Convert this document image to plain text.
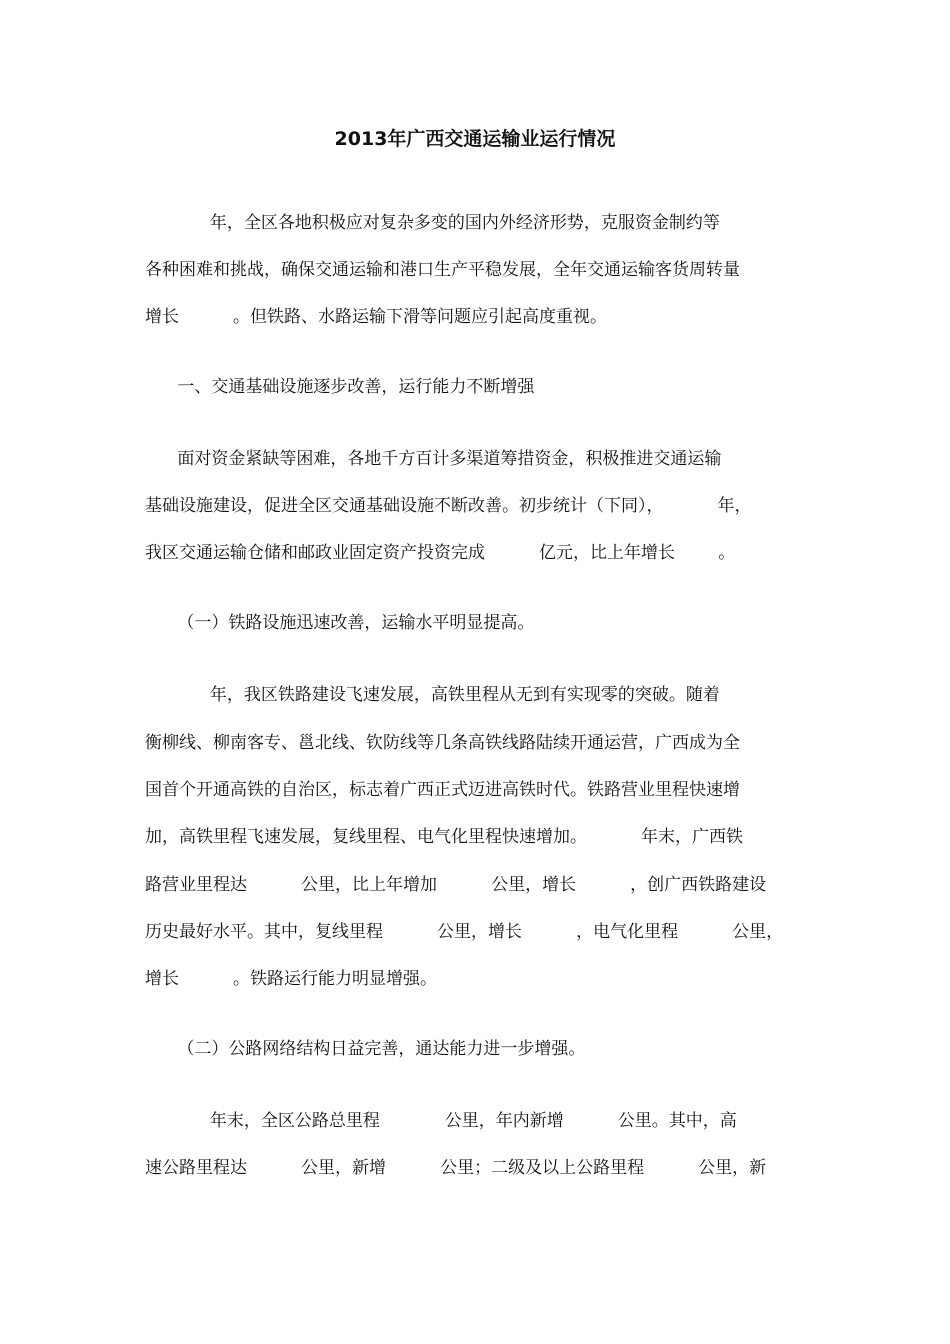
2013年广西交通运输业运行情况
年，全区各地积极应对复杂多变的国内外经济形势，克服资金制约等
各种困难和挑战，确保交通运输和港口生产平稳发展，全年交通运输客货周转量
增长          。但铁路、水路运输下滑等问题应引起高度重视。
一、交通基础设施逐步改善，运行能力不断增强
面对资金紧缺等困难，各地千方百计多渠道筹措资金，积极推进交通运输
基础设施建设，促进全区交通基础设施不断改善。初步统计（下同），          年，
我区交通运输仓储和邮政业固定资产投资完成          亿元，比上年增长        。
（一）铁路设施迅速改善，运输水平明显提高。
年，我区铁路建设飞速发展，高铁里程从无到有实现零的突破。随着
衡柳线、柳南客专、邕北线、钦防线等几条高铁线路陆续开通运营，广西成为全
国首个开通高铁的自治区，标志着广西正式迈进高铁时代。铁路营业里程快速增
加，高铁里程飞速发展，复线里程、电气化里程快速增加。          年末，广西铁
路营业里程达          公里，比上年增加          公里，增长          ，创广西铁路建设
历史最好水平。其中，复线里程          公里，增长          ，电气化里程          公里，
增长          。铁路运行能力明显增强。
（二）公路网络结构日益完善，通达能力进一步增强。
年末，全区公路总里程            公里，年内新增          公里。其中，高
速公路里程达          公里，新增          公里；二级及以上公路里程          公里，新
